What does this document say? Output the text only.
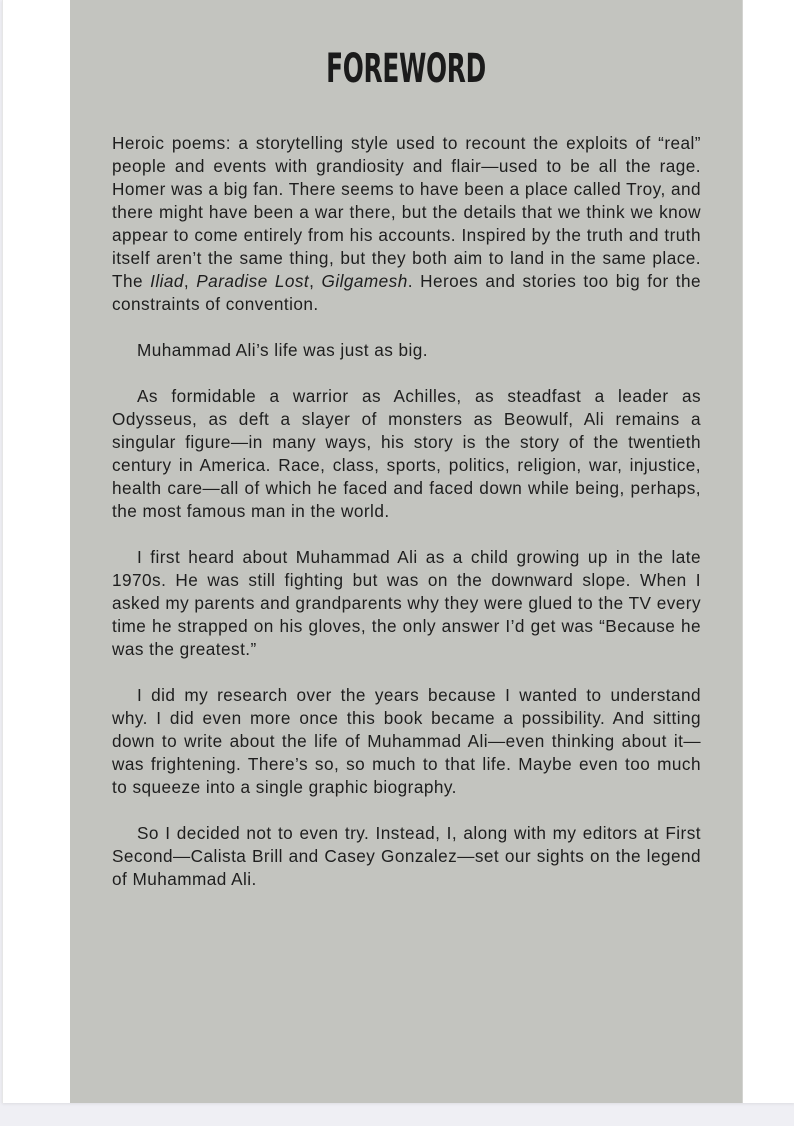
FOREWORD

Heroic poems: a storytelling style used to recount the exploits of “real” people and events with grandiosity and flair—used to be all the rage. Homer was a big fan. There seems to have been a place called Troy, and there might have been a war there, but the details that we think we know appear to come entirely from his accounts. Inspired by the truth and truth itself aren’t the same thing, but they both aim to land in the same place. The Iliad, Paradise Lost, Gilgamesh. Heroes and stories too big for the constraints of convention.

Muhammad Ali’s life was just as big.

As formidable a warrior as Achilles, as steadfast a leader as Odysseus, as deft a slayer of monsters as Beowulf, Ali remains a singular figure—in many ways, his story is the story of the twentieth century in America. Race, class, sports, politics, religion, war, injustice, health care—all of which he faced and faced down while being, perhaps, the most famous man in the world.

I first heard about Muhammad Ali as a child growing up in the late 1970s. He was still fighting but was on the downward slope. When I asked my parents and grandparents why they were glued to the TV every time he strapped on his gloves, the only answer I’d get was “Because he was the greatest.”

I did my research over the years because I wanted to understand why. I did even more once this book became a possibility. And sitting down to write about the life of Muhammad Ali—even thinking about it—was frightening. There’s so, so much to that life. Maybe even too much to squeeze into a single graphic biography.

So I decided not to even try. Instead, I, along with my editors at First Second—Calista Brill and Casey Gonzalez—set our sights on the legend of Muhammad Ali.
